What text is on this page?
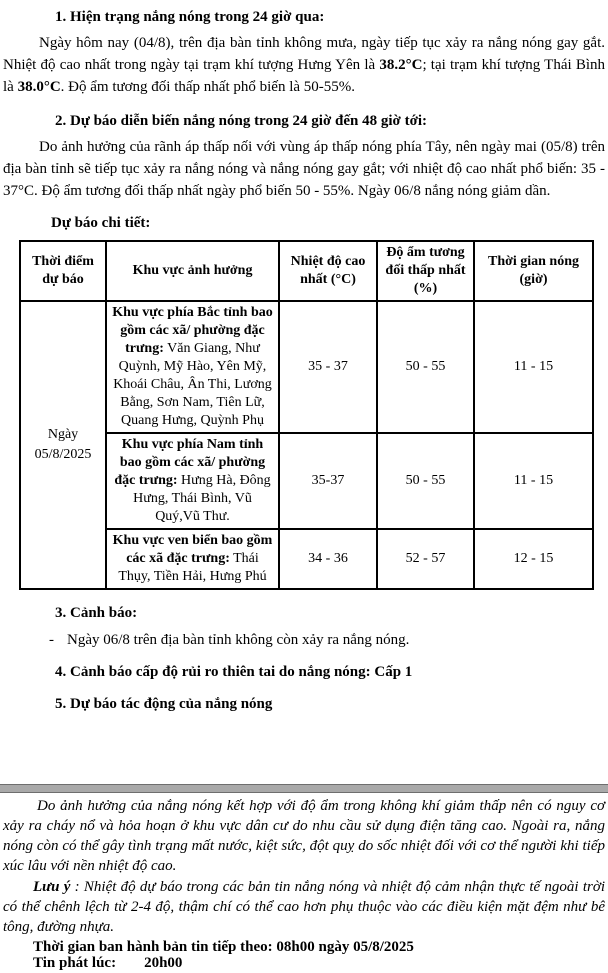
1. Hiện trạng nắng nóng trong 24 giờ qua:

Ngày hôm nay (04/8), trên địa bàn tỉnh không mưa, ngày tiếp tục xảy ra nắng nóng gay gắt. Nhiệt độ cao nhất trong ngày tại trạm khí tượng Hưng Yên là 38.2°C; tại trạm khí tượng Thái Bình là 38.0°C. Độ ẩm tương đối thấp nhất phổ biến là 50-55%.

2. Dự báo diễn biến nắng nóng trong 24 giờ đến 48 giờ tới:

Do ảnh hưởng của rãnh áp thấp nối với vùng áp thấp nóng phía Tây, nên ngày mai (05/8) trên địa bàn tỉnh sẽ tiếp tục xảy ra nắng nóng và nắng nóng gay gắt; với nhiệt độ cao nhất phổ biến: 35 - 37°C. Độ ẩm tương đối thấp nhất ngày phổ biến 50 - 55%. Ngày 06/8 nắng nóng giảm dần.

Dự báo chi tiết:
Thời điểm dự báo	Khu vực ảnh hưởng	Nhiệt độ cao nhất (°C)	Độ ẩm tương đối thấp nhất (%)	Thời gian nóng (giờ)

Ngày
05/8/2025	Khu vực phía Bắc tỉnh bao gồm các xã/ phường đặc trưng: Văn Giang, Như Quỳnh, Mỹ Hào, Yên Mỹ, Khoái Châu, Ân Thi, Lương Bằng, Sơn Nam, Tiên Lữ, Quang Hưng, Quỳnh Phụ	35 - 37	50 - 55	11 - 15
	Khu vực phía Nam tỉnh bao gồm các xã/ phường đặc trưng: Hưng Hà, Đông Hưng, Thái Bình, Vũ Quý,Vũ Thư.	35-37	50 - 55	11 - 15
	Khu vực ven biển bao gồm các xã đặc trưng: Thái Thụy, Tiền Hải, Hưng Phú	34 - 36	52 - 57	12 - 15
3. Cảnh báo:
- Ngày 06/8 trên địa bàn tỉnh không còn xảy ra nắng nóng.
4. Cảnh báo cấp độ rủi ro thiên tai do nắng nóng: Cấp 1
5. Dự báo tác động của nắng nóng

Do ảnh hưởng của nắng nóng kết hợp với độ ẩm trong không khí giảm thấp nên có nguy cơ xảy ra cháy nổ và hỏa hoạn ở khu vực dân cư do nhu cầu sử dụng điện tăng cao. Ngoài ra, nắng nóng còn có thể gây tình trạng mất nước, kiệt sức, đột quỵ do sốc nhiệt đối với cơ thể người khi tiếp xúc lâu với nền nhiệt độ cao.

Lưu ý : Nhiệt độ dự báo trong các bản tin nắng nóng và nhiệt độ cảm nhận thực tế ngoài trời có thể chênh lệch từ 2-4 độ, thậm chí có thể cao hơn phụ thuộc vào các điều kiện mặt đệm như bê tông, đường nhựa.

Thời gian ban hành bản tin tiếp theo: 08h00 ngày 05/8/2025
Tin phát lúc: 20h00
